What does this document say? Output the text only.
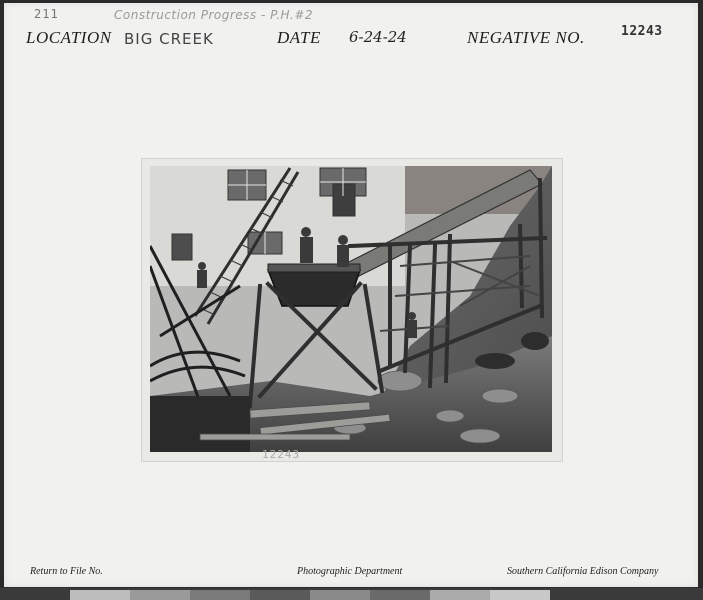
211	Construction Progress - P.H.#2
LOCATION BIG CREEK	DATE 6-24-24	NEGATIVE NO.	12243
Return to File No.	Photographic Department	Southern California Edison Company
12243
